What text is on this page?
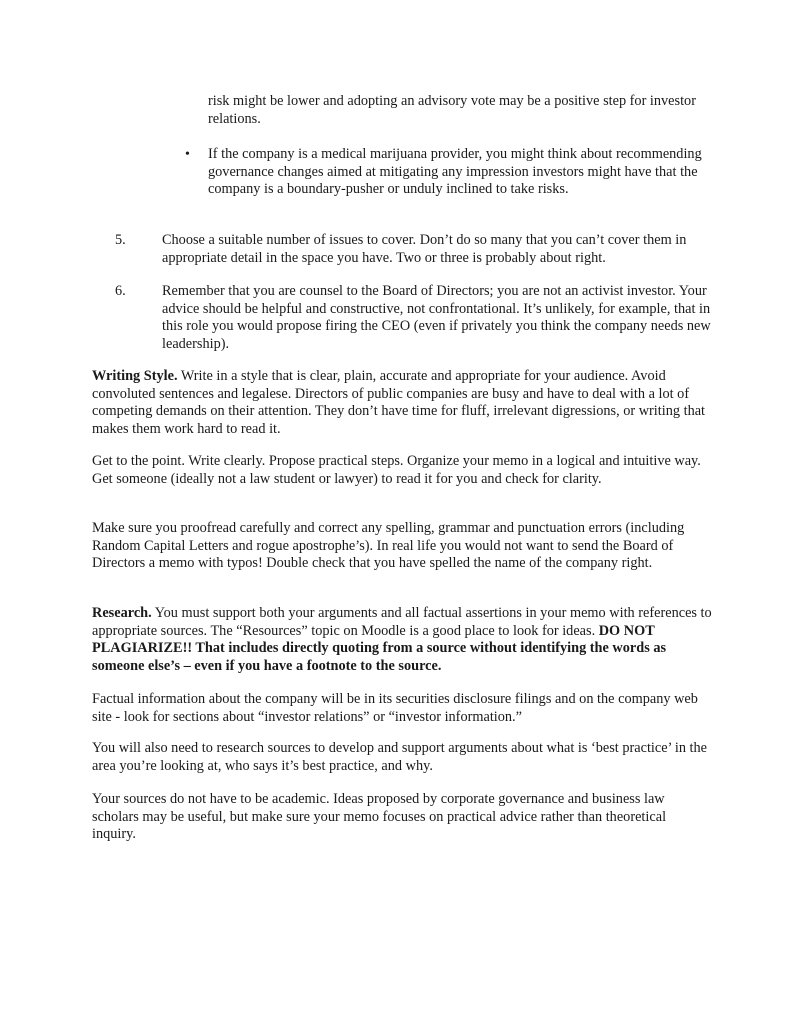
risk might be lower and adopting an advisory vote may be a positive step for investor relations.

•	If the company is a medical marijuana provider, you might think about recommending governance changes aimed at mitigating any impression investors might have that the company is a boundary-pusher or unduly inclined to take risks.

5.	Choose a suitable number of issues to cover. Don’t do so many that you can’t cover them in appropriate detail in the space you have. Two or three is probably about right.

6.	Remember that you are counsel to the Board of Directors; you are not an activist investor. Your advice should be helpful and constructive, not confrontational. It’s unlikely, for example, that in this role you would propose firing the CEO (even if privately you think the company needs new leadership).

Writing Style. Write in a style that is clear, plain, accurate and appropriate for your audience. Avoid convoluted sentences and legalese. Directors of public companies are busy and have to deal with a lot of competing demands on their attention. They don’t have time for fluff, irrelevant digressions, or writing that makes them work hard to read it.

Get to the point. Write clearly. Propose practical steps. Organize your memo in a logical and intuitive way. Get someone (ideally not a law student or lawyer) to read it for you and check for clarity.

Make sure you proofread carefully and correct any spelling, grammar and punctuation errors (including Random Capital Letters and rogue apostrophe’s). In real life you would not want to send the Board of Directors a memo with typos! Double check that you have spelled the name of the company right.

Research. You must support both your arguments and all factual assertions in your memo with references to appropriate sources. The “Resources” topic on Moodle is a good place to look for ideas. DO NOT PLAGIARIZE!! That includes directly quoting from a source without identifying the words as someone else’s – even if you have a footnote to the source.

Factual information about the company will be in its securities disclosure filings and on the company web site - look for sections about “investor relations” or “investor information.”

You will also need to research sources to develop and support arguments about what is ‘best practice’ in the area you’re looking at, who says it’s best practice, and why.

Your sources do not have to be academic. Ideas proposed by corporate governance and business law scholars may be useful, but make sure your memo focuses on practical advice rather than theoretical inquiry.
